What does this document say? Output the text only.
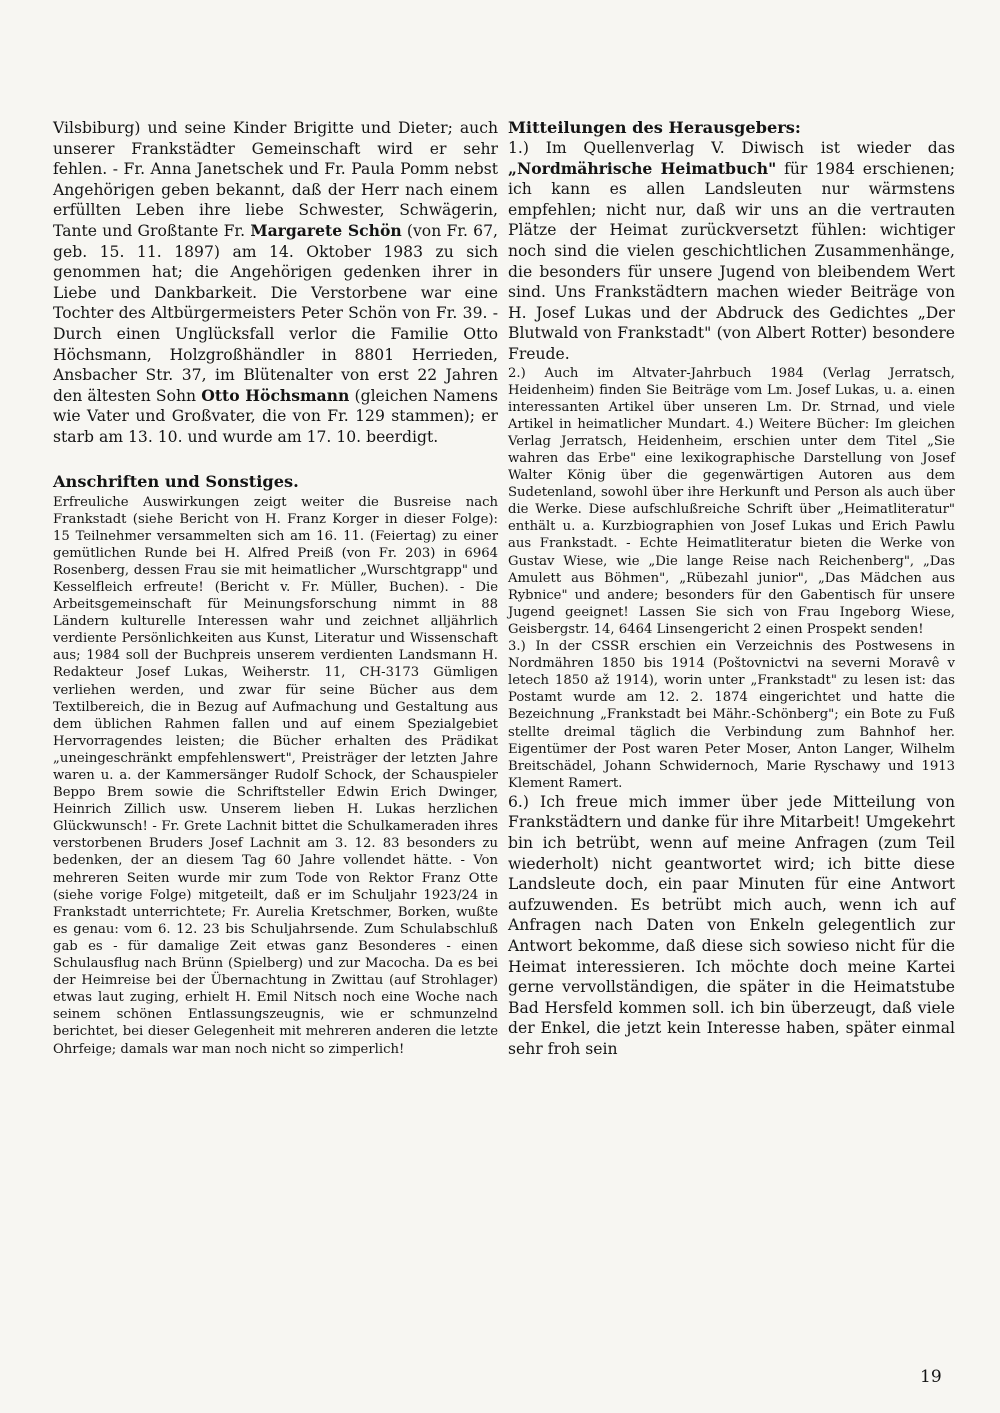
Vilsbiburg) und seine Kinder Brigitte und Dieter; auch unserer Frankstädter Gemeinschaft wird er sehr fehlen. - Fr. Anna Janetschek und Fr. Paula Pomm nebst Angehörigen geben bekannt, daß der Herr nach einem erfüllten Leben ihre liebe Schwester, Schwägerin, Tante und Großtante Fr. Margarete Schön (von Fr. 67, geb. 15. 11. 1897) am 14. Oktober 1983 zu sich genommen hat; die Angehörigen gedenken ihrer in Liebe und Dankbarkeit. Die Verstorbene war eine Tochter des Altbürgermeisters Peter Schön von Fr. 39. - Durch einen Unglücksfall verlor die Familie Otto Höchsmann, Holzgroßhändler in 8801 Herrieden, Ansbacher Str. 37, im Blütenalter von erst 22 Jahren den ältesten Sohn Otto Höchsmann (gleichen Namens wie Vater und Großvater, die von Fr. 129 stammen); er starb am 13. 10. und wurde am 17. 10. beerdigt.

Anschriften und Sonstiges.

Erfreuliche Auswirkungen zeigt weiter die Busreise nach Frankstadt (siehe Bericht von H. Franz Korger in dieser Folge): 15 Teilnehmer versammelten sich am 16. 11. (Feiertag) zu einer gemütlichen Runde bei H. Alfred Preiß (von Fr. 203) in 6964 Rosenberg, dessen Frau sie mit heimatlicher „Wurschtgrapp" und Kesselfleich erfreute! (Bericht v. Fr. Müller, Buchen). - Die Arbeitsgemeinschaft für Meinungsforschung nimmt in 88 Ländern kulturelle Interessen wahr und zeichnet alljährlich verdiente Persönlichkeiten aus Kunst, Literatur und Wissenschaft aus; 1984 soll der Buchpreis unserem verdienten Landsmann H. Redakteur Josef Lukas, Weiherstr. 11, CH-3173 Gümligen verliehen werden, und zwar für seine Bücher aus dem Textilbereich, die in Bezug auf Aufmachung und Gestaltung aus dem üblichen Rahmen fallen und auf einem Spezialgebiet Hervorragendes leisten; die Bücher erhalten des Prädikat „uneingeschränkt empfehlenswert", Preisträger der letzten Jahre waren u. a. der Kammersänger Rudolf Schock, der Schauspieler Beppo Brem sowie die Schriftsteller Edwin Erich Dwinger, Heinrich Zillich usw. Unserem lieben H. Lukas herzlichen Glückwunsch! - Fr. Grete Lachnit bittet die Schulkameraden ihres verstorbenen Bruders Josef Lachnit am 3. 12. 83 besonders zu bedenken, der an diesem Tag 60 Jahre vollendet hätte. - Von mehreren Seiten wurde mir zum Tode von Rektor Franz Otte (siehe vorige Folge) mitgeteilt, daß er im Schuljahr 1923/24 in Frankstadt unterrichtete; Fr. Aurelia Kretschmer, Borken, wußte es genau: vom 6. 12. 23 bis Schuljahrsende. Zum Schulabschluß gab es - für damalige Zeit etwas ganz Besonderes - einen Schulausflug nach Brünn (Spielberg) und zur Macocha. Da es bei der Heimreise bei der Übernachtung in Zwittau (auf Strohlager) etwas laut zuging, erhielt H. Emil Nitsch noch eine Woche nach seinem schönen Entlassungszeugnis, wie er schmunzelnd berichtet, bei dieser Gelegenheit mit mehreren anderen die letzte Ohrfeige; damals war man noch nicht so zimperlich!

Mitteilungen des Herausgebers:

1.) Im Quellenverlag V. Diwisch ist wieder das „Nordmährische Heimatbuch" für 1984 erschienen; ich kann es allen Landsleuten nur wärmstens empfehlen; nicht nur, daß wir uns an die vertrauten Plätze der Heimat zurückversetzt fühlen: wichtiger noch sind die vielen geschichtlichen Zusammenhänge, die besonders für unsere Jugend von bleibendem Wert sind. Uns Frankstädtern machen wieder Beiträge von H. Josef Lukas und der Abdruck des Gedichtes „Der Blutwald von Frankstadt" (von Albert Rotter) besondere Freude.

2.) Auch im Altvater-Jahrbuch 1984 (Verlag Jerratsch, Heidenheim) finden Sie Beiträge vom Lm. Josef Lukas, u. a. einen interessanten Artikel über unseren Lm. Dr. Strnad, und viele Artikel in heimatlicher Mundart. 4.) Weitere Bücher: Im gleichen Verlag Jerratsch, Heidenheim, erschien unter dem Titel „Sie wahren das Erbe" eine lexikographische Darstellung von Josef Walter König über die gegenwärtigen Autoren aus dem Sudetenland, sowohl über ihre Herkunft und Person als auch über die Werke. Diese aufschlußreiche Schrift über „Heimatliteratur" enthält u. a. Kurzbiographien von Josef Lukas und Erich Pawlu aus Frankstadt. - Echte Heimatliteratur bieten die Werke von Gustav Wiese, wie „Die lange Reise nach Reichenberg", „Das Amulett aus Böhmen", „Rübezahl junior", „Das Mädchen aus Rybnice" und andere; besonders für den Gabentisch für unsere Jugend geeignet! Lassen Sie sich von Frau Ingeborg Wiese, Geisbergstr. 14, 6464 Linsengericht 2 einen Prospekt senden!

3.) In der CSSR erschien ein Verzeichnis des Postwesens in Nordmähren 1850 bis 1914 (Poštovnictvi na severni Moravê v letech 1850 až 1914), worin unter „Frankstadt" zu lesen ist: das Postamt wurde am 12. 2. 1874 eingerichtet und hatte die Bezeichnung „Frankstadt bei Mähr.-Schönberg"; ein Bote zu Fuß stellte dreimal täglich die Verbindung zum Bahnhof her. Eigentümer der Post waren Peter Moser, Anton Langer, Wilhelm Breitschädel, Johann Schwidernoch, Marie Ryschawy und 1913 Klement Ramert.

6.) Ich freue mich immer über jede Mitteilung von Frankstädtern und danke für ihre Mitarbeit! Umgekehrt bin ich betrübt, wenn auf meine Anfragen (zum Teil wiederholt) nicht geantwortet wird; ich bitte diese Landsleute doch, ein paar Minuten für eine Antwort aufzuwenden. Es betrübt mich auch, wenn ich auf Anfragen nach Daten von Enkeln gelegentlich zur Antwort bekomme, daß diese sich sowieso nicht für die Heimat interessieren. Ich möchte doch meine Kartei gerne vervollständigen, die später in die Heimatstube Bad Hersfeld kommen soll. ich bin überzeugt, daß viele der Enkel, die jetzt kein Interesse haben, später einmal sehr froh sein

19
